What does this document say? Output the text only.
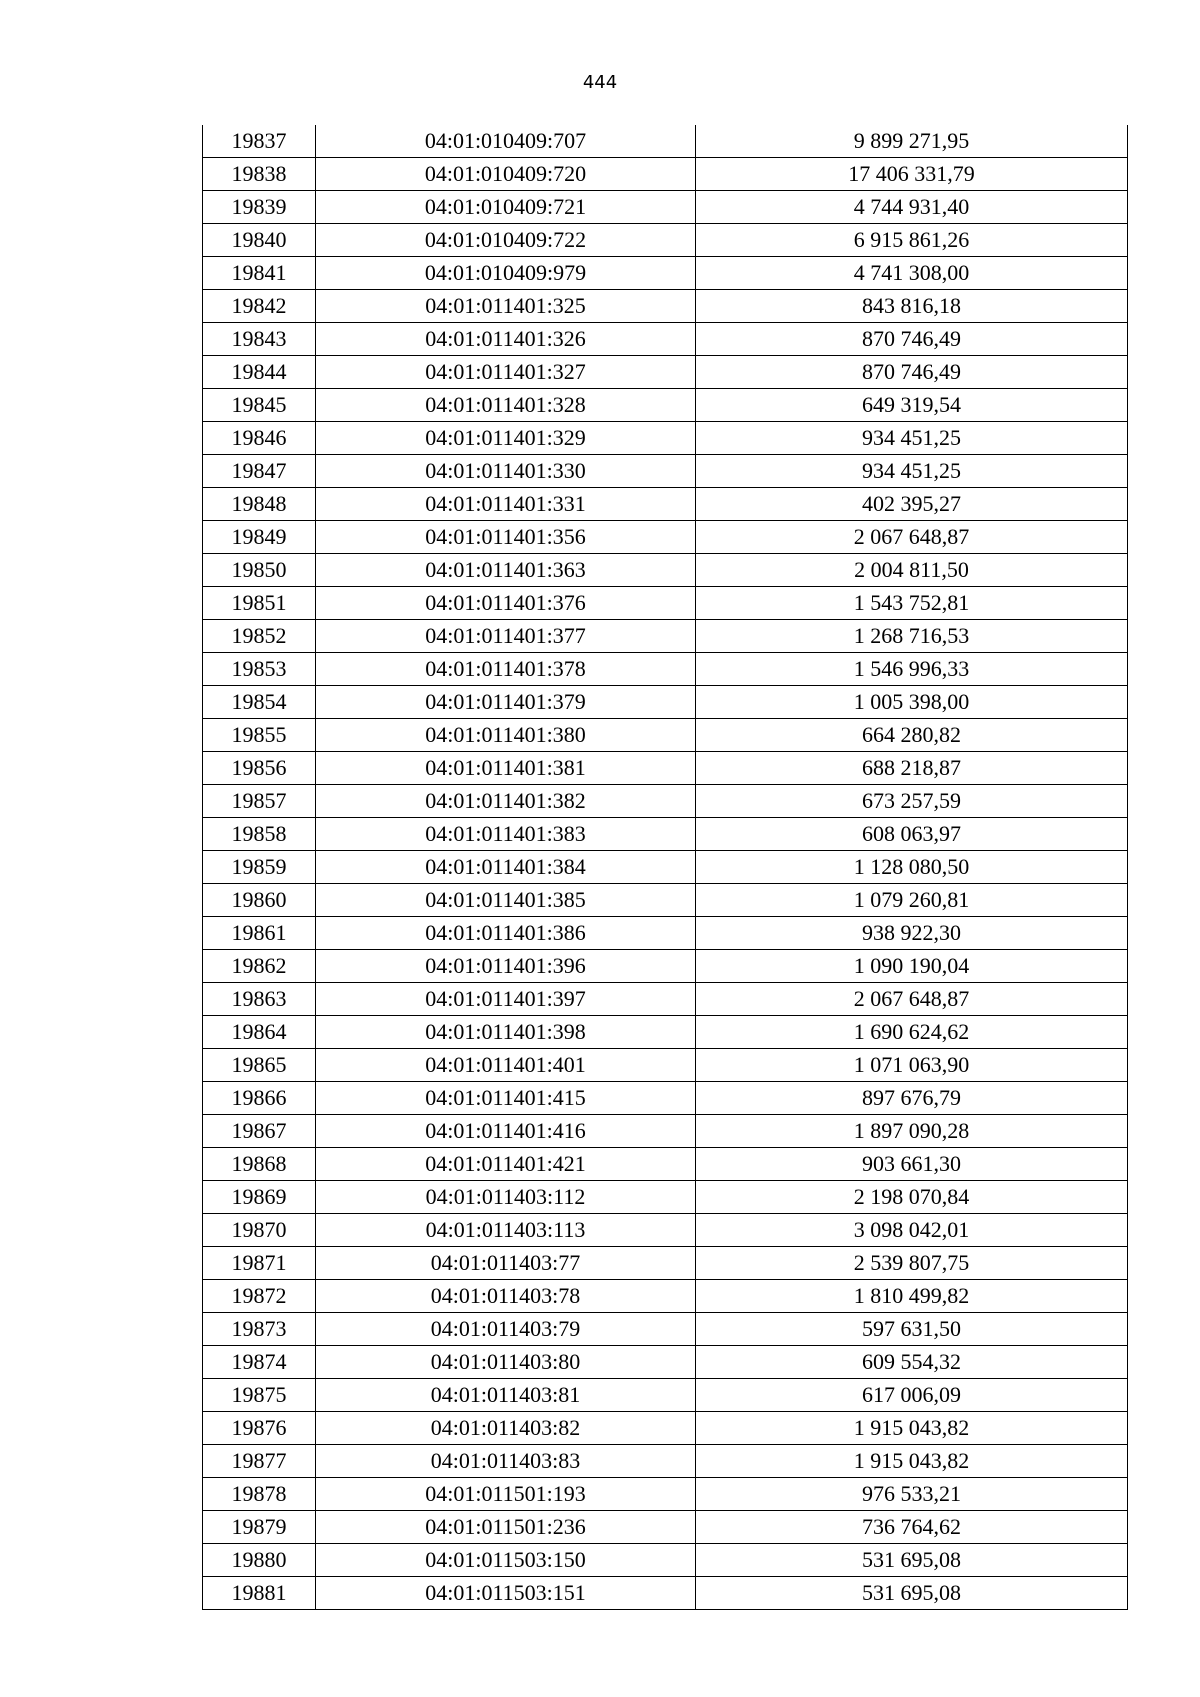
444
19837	04:01:010409:707	9 899 271,95
19838	04:01:010409:720	17 406 331,79
19839	04:01:010409:721	4 744 931,40
19840	04:01:010409:722	6 915 861,26
19841	04:01:010409:979	4 741 308,00
19842	04:01:011401:325	843 816,18
19843	04:01:011401:326	870 746,49
19844	04:01:011401:327	870 746,49
19845	04:01:011401:328	649 319,54
19846	04:01:011401:329	934 451,25
19847	04:01:011401:330	934 451,25
19848	04:01:011401:331	402 395,27
19849	04:01:011401:356	2 067 648,87
19850	04:01:011401:363	2 004 811,50
19851	04:01:011401:376	1 543 752,81
19852	04:01:011401:377	1 268 716,53
19853	04:01:011401:378	1 546 996,33
19854	04:01:011401:379	1 005 398,00
19855	04:01:011401:380	664 280,82
19856	04:01:011401:381	688 218,87
19857	04:01:011401:382	673 257,59
19858	04:01:011401:383	608 063,97
19859	04:01:011401:384	1 128 080,50
19860	04:01:011401:385	1 079 260,81
19861	04:01:011401:386	938 922,30
19862	04:01:011401:396	1 090 190,04
19863	04:01:011401:397	2 067 648,87
19864	04:01:011401:398	1 690 624,62
19865	04:01:011401:401	1 071 063,90
19866	04:01:011401:415	897 676,79
19867	04:01:011401:416	1 897 090,28
19868	04:01:011401:421	903 661,30
19869	04:01:011403:112	2 198 070,84
19870	04:01:011403:113	3 098 042,01
19871	04:01:011403:77	2 539 807,75
19872	04:01:011403:78	1 810 499,82
19873	04:01:011403:79	597 631,50
19874	04:01:011403:80	609 554,32
19875	04:01:011403:81	617 006,09
19876	04:01:011403:82	1 915 043,82
19877	04:01:011403:83	1 915 043,82
19878	04:01:011501:193	976 533,21
19879	04:01:011501:236	736 764,62
19880	04:01:011503:150	531 695,08
19881	04:01:011503:151	531 695,08
